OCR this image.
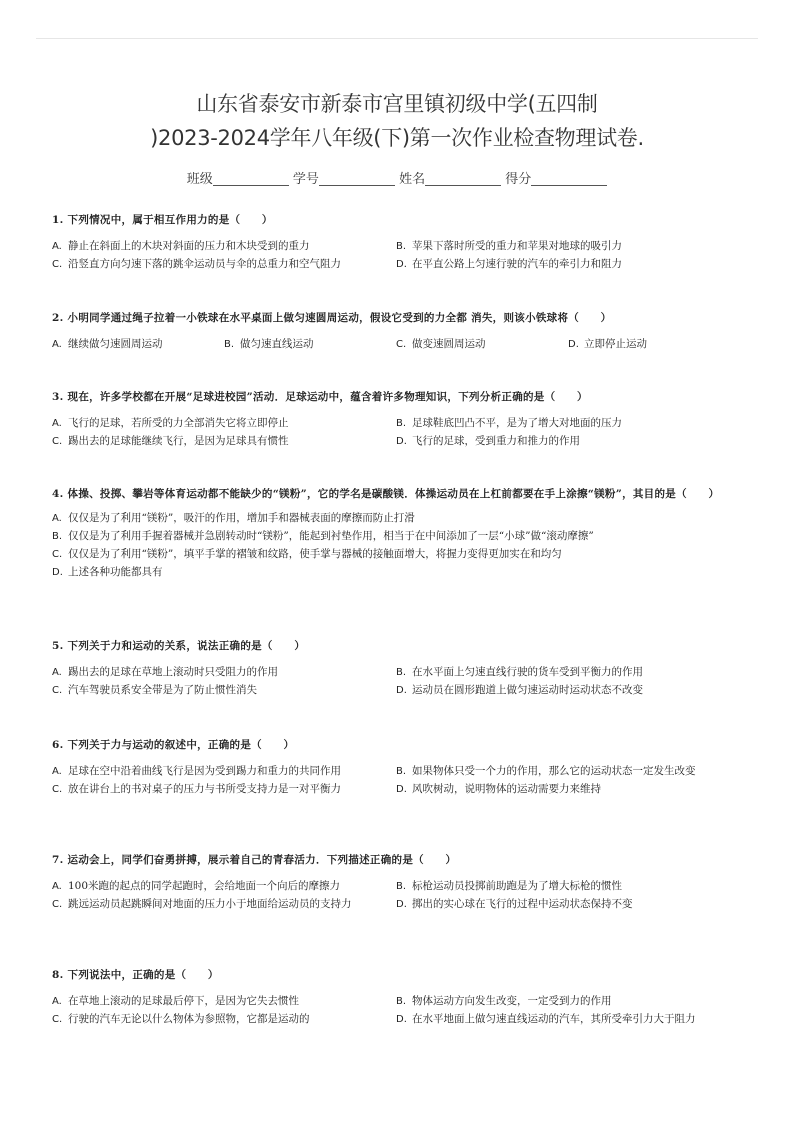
山东省泰安市新泰市宫里镇初级中学(五四制
)2023-2024学年八年级(下)第一次作业检查物理试卷.
班级	学号	姓名	得分
1. 下列情况中，属于相互作用力的是（　　）
A. 静止在斜面上的木块对斜面的压力和木块受到的重力	B. 苹果下落时所受的重力和苹果对地球的吸引力
C. 沿竖直方向匀速下落的跳伞运动员与伞的总重力和空气阻力	D. 在平直公路上匀速行驶的汽车的牵引力和阻力
2. 小明同学通过绳子拉着一小铁球在水平桌面上做匀速圆周运动，假设它受到的力全都 消失，则该小铁球将（　　）
A. 继续做匀速圆周运动	B. 做匀速直线运动	C. 做变速圆周运动	D. 立即停止运动
3. 现在，许多学校都在开展“足球进校园”活动．足球运动中，蕴含着许多物理知识，下列分析正确的是（　　）
A. 飞行的足球，若所受的力全部消失它将立即停止	B. 足球鞋底凹凸不平，是为了增大对地面的压力
C. 踢出去的足球能继续飞行，是因为足球具有惯性	D. 飞行的足球，受到重力和推力的作用
4. 体操、投掷、攀岩等体育运动都不能缺少的“镁粉”，它的学名是碳酸镁．体操运动员在上杠前都要在手上涂擦“镁粉”，其目的是（　　）
A. 仅仅是为了利用“镁粉”，吸汗的作用，增加手和器械表面的摩擦而防止打滑
B. 仅仅是为了利用手握着器械并急剧转动时“镁粉”，能起到衬垫作用，相当于在中间添加了一层“小球”做“滚动摩擦”
C. 仅仅是为了利用“镁粉”，填平手掌的褶皱和纹路，使手掌与器械的接触面增大，将握力变得更加实在和均匀
D. 上述各种功能都具有
5. 下列关于力和运动的关系，说法正确的是（　　）
A. 踢出去的足球在草地上滚动时只受阻力的作用	B. 在水平面上匀速直线行驶的货车受到平衡力的作用
C. 汽车驾驶员系安全带是为了防止惯性消失	D. 运动员在圆形跑道上做匀速运动时运动状态不改变
6. 下列关于力与运动的叙述中，正确的是（　　）
A. 足球在空中沿着曲线飞行是因为受到踢力和重力的共同作用	B. 如果物体只受一个力的作用，那么它的运动状态一定发生改变
C. 放在讲台上的书对桌子的压力与书所受支持力是一对平衡力	D. 风吹树动，说明物体的运动需要力来维持
7. 运动会上，同学们奋勇拼搏，展示着自己的青春活力．下列描述正确的是（　　）
A. 100米跑的起点的同学起跑时，会给地面一个向后的摩擦力	B. 标枪运动员投掷前助跑是为了增大标枪的惯性
C. 跳远运动员起跳瞬间对地面的压力小于地面给运动员的支持力	D. 掷出的实心球在飞行的过程中运动状态保持不变
8. 下列说法中，正确的是（　　）
A. 在草地上滚动的足球最后停下，是因为它失去惯性	B. 物体运动方向发生改变，一定受到力的作用
C. 行驶的汽车无论以什么物体为参照物，它都是运动的	D. 在水平地面上做匀速直线运动的汽车，其所受牵引力大于阻力
